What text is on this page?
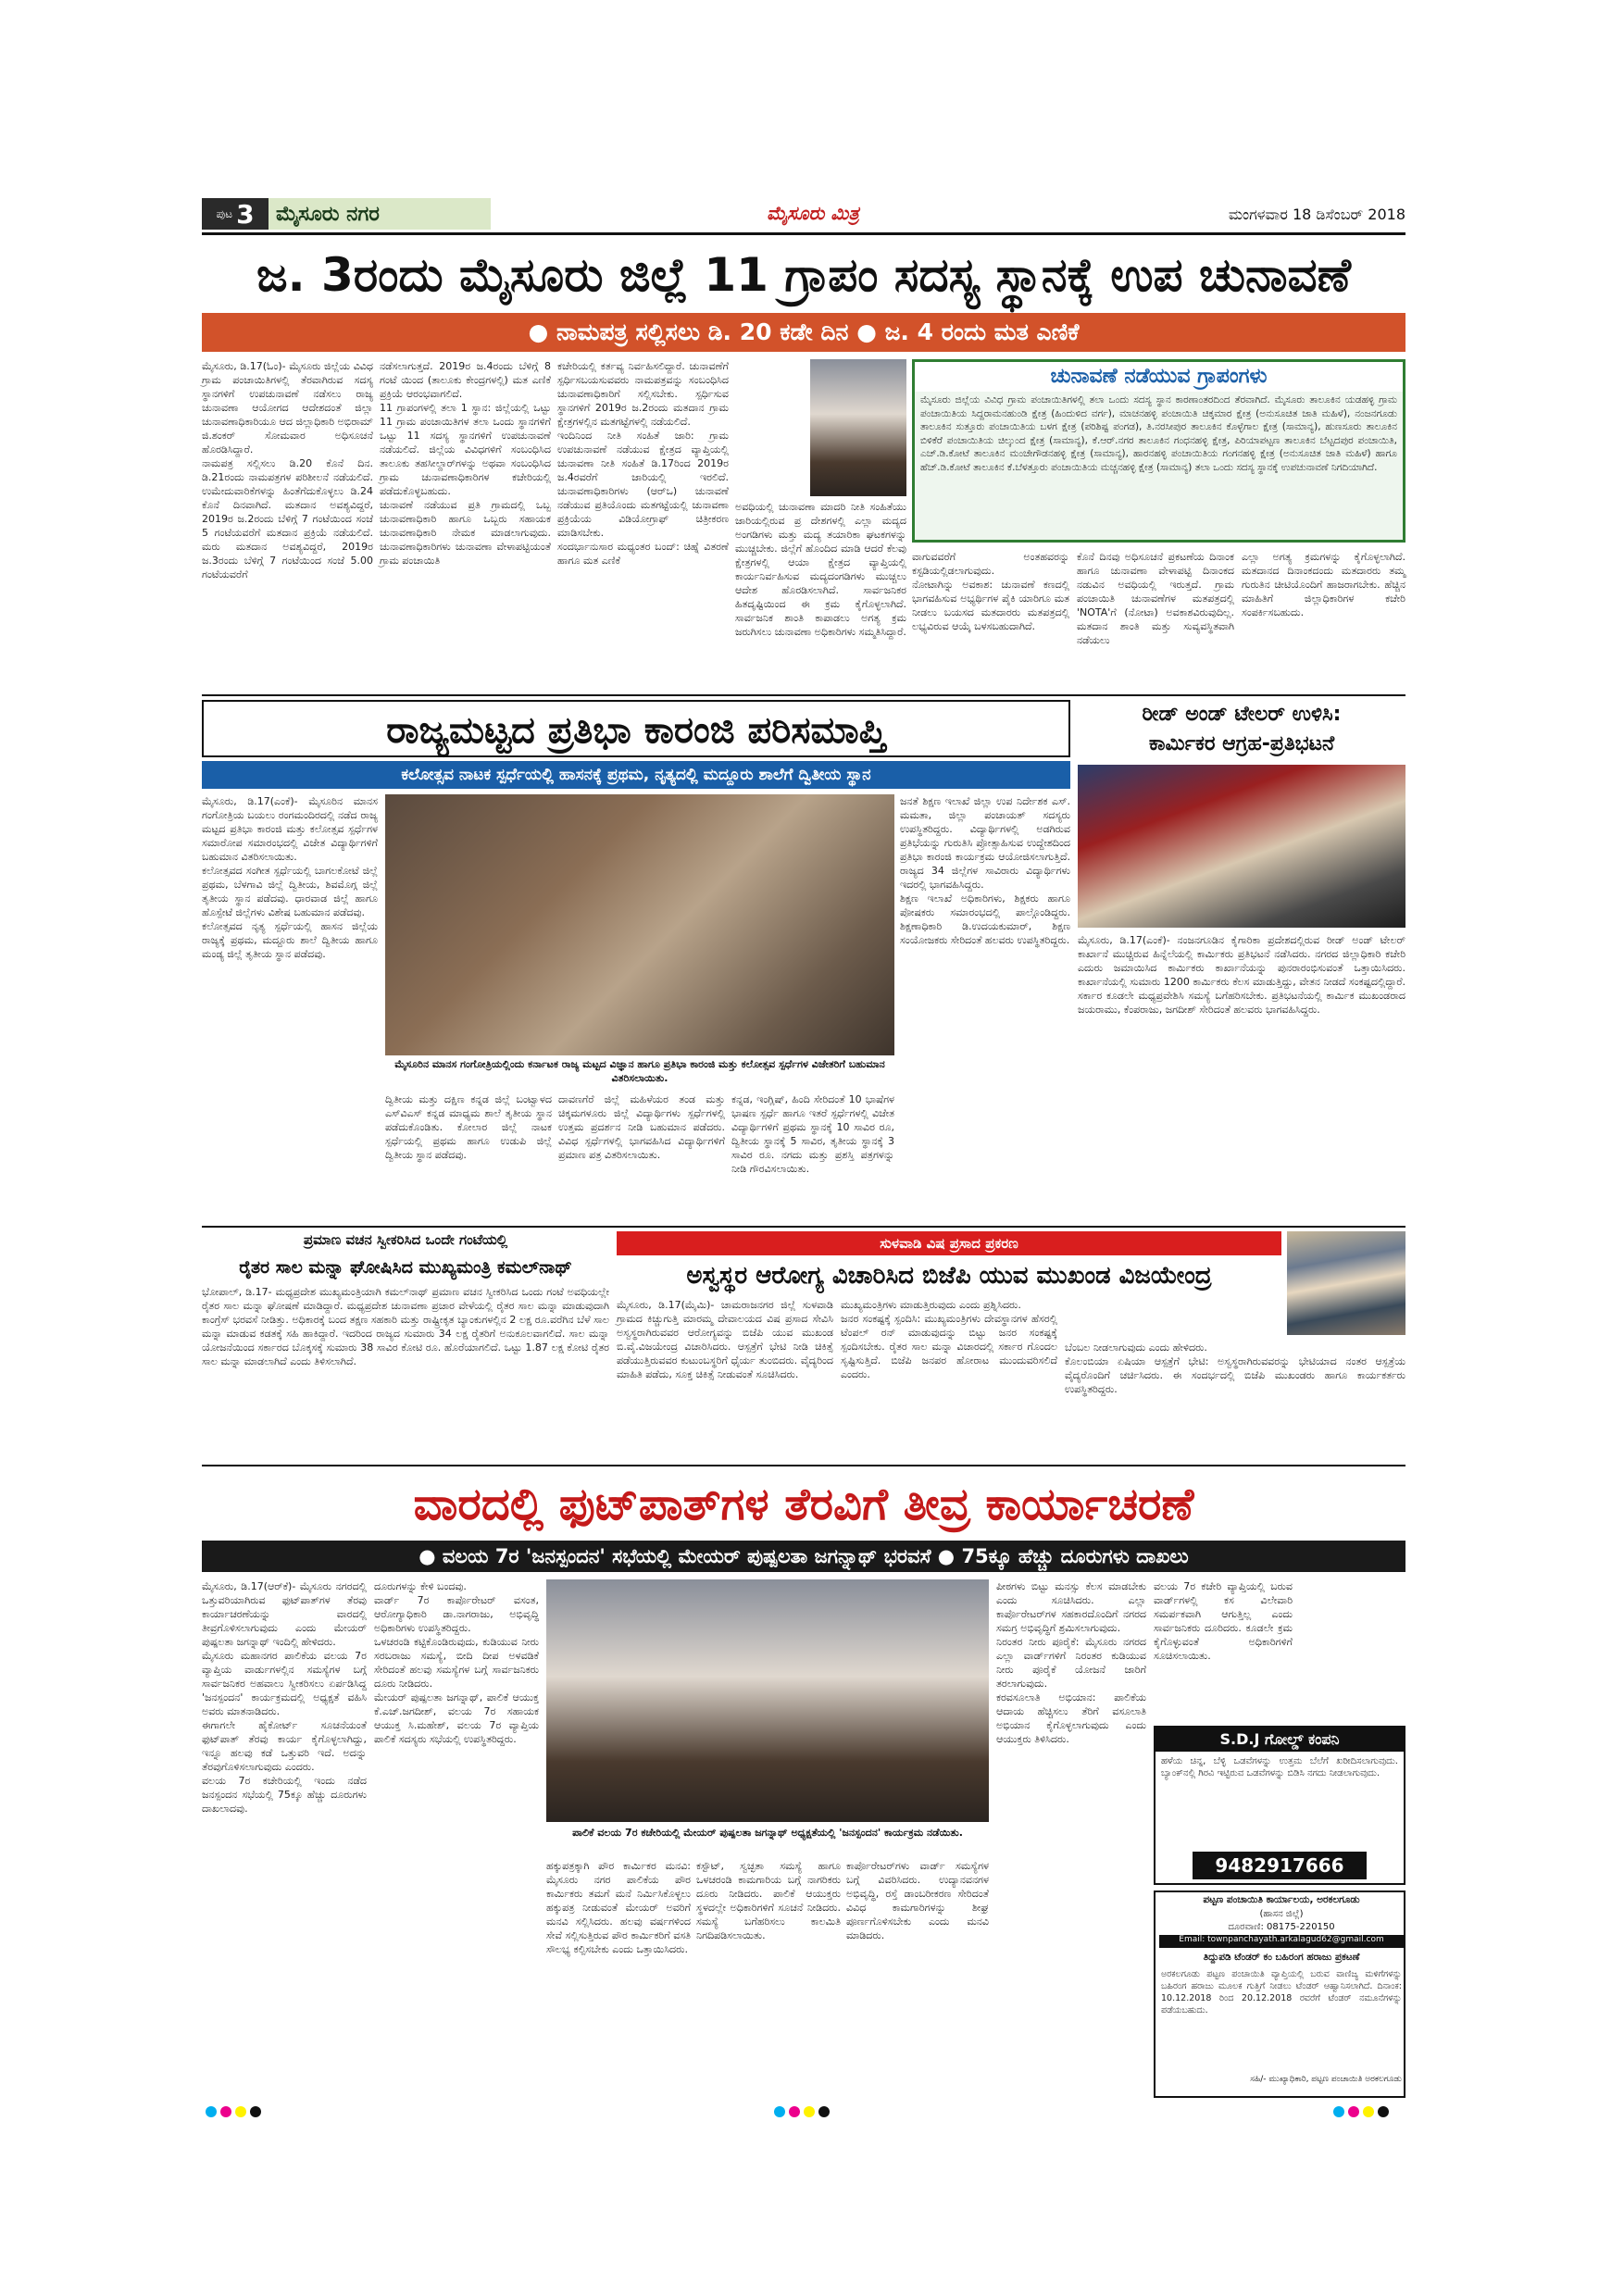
ಪುಟ 3 ಮೈಸೂರು ನಗರ	ಮೈಸೂರು ಮಿತ್ರ	ಮಂಗಳವಾರ 18 ಡಿಸೆಂಬರ್ 2018
ಜ. 3ರಂದು ಮೈಸೂರು ಜಿಲ್ಲೆ 11 ಗ್ರಾಪಂ ಸದಸ್ಯ ಸ್ಥಾನಕ್ಕೆ ಉಪ ಚುನಾವಣೆ
● ನಾಮಪತ್ರ ಸಲ್ಲಿಸಲು ಡಿ. 20 ಕಡೇ ದಿನ ● ಜ. 4 ರಂದು ಮತ ಎಣಿಕೆ
ಮೈಸೂರು, ಡಿ.17(ಓಂ)- ಮೈಸೂರು ಜಿಲ್ಲೆಯ ವಿವಿಧ ಗ್ರಾಮ ಪಂಚಾಯಿತಿಗಳಲ್ಲಿ ತೆರವಾಗಿರುವ ಸದಸ್ಯ ಸ್ಥಾನಗಳಿಗೆ ಉಪಚುನಾವಣೆ ನಡೆಸಲು ರಾಜ್ಯ ಚುನಾವಣಾ ಆಯೋಗದ ಆದೇಶದಂತೆ ಜಿಲ್ಲಾ ಚುನಾವಣಾಧಿಕಾರಿಯೂ ಆದ ಜಿಲ್ಲಾಧಿಕಾರಿ ಅಭಿರಾಮ್ ಜಿ.ಶಂಕರ್ ಸೋಮವಾರ ಅಧಿಸೂಚನೆ ಹೊರಡಿಸಿದ್ದಾರೆ.
ನಾಮಪತ್ರ ಸಲ್ಲಿಸಲು ಡಿ.20 ಕೊನೆ ದಿನ. ಡಿ.21ರಂದು ನಾಮಪತ್ರಗಳ ಪರಿಶೀಲನೆ ನಡೆಯಲಿದೆ. ಉಮೇದುವಾರಿಕೆಗಳನ್ನು ಹಿಂತೆಗೆದುಕೊಳ್ಳಲು ಡಿ.24 ಕೊನೆ ದಿನವಾಗಿದೆ. ಮತದಾನ ಅವಶ್ಯವಿದ್ದರೆ, 2019ರ ಜ.2ರಂದು ಬೆಳಿಗ್ಗೆ 7 ಗಂಟೆಯಿಂದ ಸಂಜೆ 5 ಗಂಟೆಯವರೆಗೆ ಮತದಾನ ಪ್ರಕ್ರಿಯೆ ನಡೆಯಲಿದೆ. ಮರು ಮತದಾನ ಅವಶ್ಯವಿದ್ದರೆ, 2019ರ ಜ.3ರಂದು ಬೆಳಿಗ್ಗೆ 7 ಗಂಟೆಯಿಂದ ಸಂಜೆ 5.00 ಗಂಟೆಯವರೆಗೆ
ನಡೆಸಲಾಗುತ್ತದೆ. 2019ರ ಜ.4ರಂದು ಬೆಳಿಗ್ಗೆ 8 ಗಂಟೆ ಯಿಂದ (ತಾಲೂಕು ಕೇಂದ್ರಗಳಲ್ಲಿ) ಮತ ಎಣಿಕೆ ಪ್ರಕ್ರಿಯೆ ಆರಂಭವಾಗಲಿದೆ.
11 ಗ್ರಾಪಂಗಳಲ್ಲಿ ತಲಾ 1 ಸ್ಥಾನ: ಜಿಲ್ಲೆಯಲ್ಲಿ ಒಟ್ಟು 11 ಗ್ರಾಮ ಪಂಚಾಯಿತಿಗಳ ತಲಾ ಒಂದು ಸ್ಥಾನಗಳಿಗೆ ಒಟ್ಟು 11 ಸದಸ್ಯ ಸ್ಥಾನಗಳಿಗೆ ಉಪಚುನಾವಣೆ ನಡೆಯಲಿದೆ. ಜಿಲ್ಲೆಯ ವಿವಿಧಗಳಿಗೆ ಸಂಬಂಧಿಸಿದ ತಾಲೂಕು ತಹಸೀಲ್ದಾರ್‌ಗಳನ್ನು ಅಥವಾ ಸಂಬಂಧಿಸಿದ ಗ್ರಾಮ ಚುನಾವಣಾಧಿಕಾರಿಗಳ ಕಚೇರಿಯಲ್ಲಿ ಪಡೆದುಕೊಳ್ಳಬಹುದು.
ಚುನಾವಣೆ ನಡೆಯುವ ಪ್ರತಿ ಗ್ರಾಮದಲ್ಲಿ ಒಬ್ಬ ಚುನಾವಣಾಧಿಕಾರಿ ಹಾಗೂ ಒಬ್ಬರು ಸಹಾಯಕ ಚುನಾವಣಾಧಿಕಾರಿ ನೇಮಕ ಮಾಡಲಾಗುವುದು. ಚುನಾವಣಾಧಿಕಾರಿಗಳು ಚುನಾವಣಾ ವೇಳಾಪಟ್ಟಿಯಂತೆ ಗ್ರಾಮ ಪಂಚಾಯಿತಿ
ಕಚೇರಿಯಲ್ಲಿ ಕರ್ತವ್ಯ ನಿರ್ವಹಿಸಲಿದ್ದಾರೆ. ಚುನಾವಣೆಗೆ ಸ್ಪರ್ಧಿಸಬಯಸುವವರು ನಾಮಪತ್ರವನ್ನು ಸಂಬಂಧಿಸಿದ ಚುನಾವಣಾಧಿಕಾರಿಗೆ ಸಲ್ಲಿಸಬೇಕು. ಸ್ಪರ್ಧಿಸುವ ಸ್ಥಾನಗಳಿಗೆ 2019ರ ಜ.2ರಂದು ಮತದಾನ ಗ್ರಾಮ ಕ್ಷೇತ್ರಗಳಲ್ಲಿನ ಮತಗಟ್ಟೆಗಳಲ್ಲಿ ನಡೆಯಲಿದೆ.
ಇಂದಿನಿಂದ ನೀತಿ ಸಂಹಿತೆ ಜಾರಿ: ಗ್ರಾಮ ಉಪಚುನಾವಣೆ ನಡೆಯುವ ಕ್ಷೇತ್ರದ ವ್ಯಾಪ್ತಿಯಲ್ಲಿ ಚುನಾವಣಾ ನೀತಿ ಸಂಹಿತೆ ಡಿ.17ರಿಂದ 2019ರ ಜ.4ರವರೆಗೆ ಜಾರಿಯಲ್ಲಿ ಇರಲಿದೆ. ಚುನಾವಣಾಧಿಕಾರಿಗಳು (ಆರ್‌ಒ) ಚುನಾವಣೆ ನಡೆಯುವ ಪ್ರತಿಯೊಂದು ಮತಗಟ್ಟೆಯಲ್ಲಿ ಚುನಾವಣಾ ಪ್ರಕ್ರಿಯೆಯ ವಿಡಿಯೋಗ್ರಾಫ್ ಚಿತ್ರೀಕರಣ ಮಾಡಿಸಬೇಕು.
ಸಂದರ್ಭಾನುಸಾರ ಮಧ್ಯಂತರ ಬಂದ್: ಚಿಹ್ನೆ ವಿತರಣೆ ಹಾಗೂ ಮತ ಎಣಿಕೆ
ಅವಧಿಯಲ್ಲಿ ಚುನಾವಣಾ ಮಾದರಿ ನೀತಿ ಸಂಹಿತೆಯು ಜಾರಿಯಲ್ಲಿರುವ ಪ್ರ ದೇಶಗಳಲ್ಲಿ ಎಲ್ಲಾ ಮದ್ಯದ ಅಂಗಡಿಗಳು ಮತ್ತು ಮದ್ಯ ತಯಾರಿಕಾ ಘಟಕಗಳನ್ನು ಮುಚ್ಚಬೇಕು. ಜಿಲ್ಲೆಗೆ ಹೊಂದಿದ ಮಾಡಿ ಆದರೆ ಕೆಲವು ಕ್ಷೇತ್ರಗಳಲ್ಲಿ ಆಯಾ ಕ್ಷೇತ್ರದ ವ್ಯಾಪ್ತಿಯಲ್ಲಿ ಕಾರ್ಯನಿರ್ವಹಿಸುವ ಮದ್ಯದಂಗಡಿಗಳು ಮುಚ್ಚಲು ಆದೇಶ ಹೊರಡಿಸಲಾಗಿದೆ. ಸಾರ್ವಜನಿಕರ ಹಿತದೃಷ್ಟಿಯಿಂದ ಈ ಕ್ರಮ ಕೈಗೊಳ್ಳಲಾಗಿದೆ. ಸಾರ್ವಜನಿಕ ಶಾಂತಿ ಕಾಪಾಡಲು ಅಗತ್ಯ ಕ್ರಮ ಜರುಗಿಸಲು ಚುನಾವಣಾ ಅಧಿಕಾರಿಗಳು ಸಮ್ಮತಿಸಿದ್ದಾರೆ.
ಚುನಾವಣೆ ನಡೆಯುವ ಗ್ರಾಪಂಗಳು
ಮೈಸೂರು ಜಿಲ್ಲೆಯ ವಿವಿಧ ಗ್ರಾಮ ಪಂಚಾಯಿತಿಗಳಲ್ಲಿ ತಲಾ ಒಂದು ಸದಸ್ಯ ಸ್ಥಾನ ಕಾರಣಾಂತರದಿಂದ ತೆರವಾಗಿದೆ. ಮೈಸೂರು ತಾಲೂಕಿನ ಯಡಹಳ್ಳಿ ಗ್ರಾಮ ಪಂಚಾಯಿತಿಯ ಸಿದ್ದರಾಮನಹುಂಡಿ ಕ್ಷೇತ್ರ (ಹಿಂದುಳಿದ ವರ್ಗ), ಮಾಚನಹಳ್ಳಿ ಪಂಚಾಯಿತಿ ಚಿಕ್ಕಮಾರ ಕ್ಷೇತ್ರ (ಅನುಸೂಚಿತ ಜಾತಿ ಮಹಿಳೆ), ನಂಜನಗೂಡು ತಾಲೂಕಿನ ಸುತ್ತೂರು ಪಂಚಾಯಿತಿಯ ಬಳಗ ಕ್ಷೇತ್ರ (ಪರಿಶಿಷ್ಟ ಪಂಗಡ), ತಿ.ನರಸೀಪುರ ತಾಲೂಕಿನ ಕೊಳ್ಳೆಗಾಲ ಕ್ಷೇತ್ರ (ಸಾಮಾನ್ಯ), ಹುಣಸೂರು ತಾಲೂಕಿನ ಬಿಳಿಕೆರೆ ಪಂಚಾಯಿತಿಯ ಚಿಲ್ಕುಂದ ಕ್ಷೇತ್ರ (ಸಾಮಾನ್ಯ), ಕೆ.ಆರ್.ನಗರ ತಾಲೂಕಿನ ಗಂಧನಹಳ್ಳಿ ಕ್ಷೇತ್ರ, ಪಿರಿಯಾಪಟ್ಟಣ ತಾಲೂಕಿನ ಬೆಟ್ಟದಪುರ ಪಂಚಾಯಿತಿ, ಎಚ್.ಡಿ.ಕೋಟೆ ತಾಲೂಕಿನ ಮಂಚೇಗೌಡನಹಳ್ಳಿ ಕ್ಷೇತ್ರ (ಸಾಮಾನ್ಯ), ಹಾರನಹಳ್ಳಿ ಪಂಚಾಯಿತಿಯ ಗಂಗನಹಳ್ಳಿ ಕ್ಷೇತ್ರ (ಅನುಸೂಚಿತ ಜಾತಿ ಮಹಿಳೆ) ಹಾಗೂ ಹೆಚ್.ಡಿ.ಕೋಟೆ ತಾಲೂಕಿನ ಕೆ.ಬೆಳತ್ತೂರು ಪಂಚಾಯಿತಿಯ ಮಚ್ಚನಹಳ್ಳಿ ಕ್ಷೇತ್ರ (ಸಾಮಾನ್ಯ) ತಲಾ ಒಂದು ಸದಸ್ಯ ಸ್ಥಾನಕ್ಕೆ ಉಪಚುನಾವಣೆ ನಿಗದಿಯಾಗಿದೆ.
ವಾಗುವವರೆಗೆ ಅಂತಹವರನ್ನು ಕಸ್ಟಡಿಯಲ್ಲಿಡಲಾಗುವುದು.
ನೋಟಾಗಿನ್ನು ಅವಕಾಶ: ಚುನಾವಣೆ ಕಣದಲ್ಲಿ ಭಾಗವಹಿಸುವ ಅಭ್ಯರ್ಥಿಗಳ ಪೈಕಿ ಯಾರಿಗೂ ಮತ ನೀಡಲು ಬಯಸದ ಮತದಾರರು ಮತಪತ್ರದಲ್ಲಿ ಲಭ್ಯವಿರುವ ಆಯ್ಕೆ ಬಳಸಬಹುದಾಗಿದೆ.
ಕೊನೆ ದಿನವು ಅಧಿಸೂಚನೆ ಪ್ರಕಟಣೆಯ ದಿನಾಂಕ ಹಾಗೂ ಚುನಾವಣಾ ವೇಳಾಪಟ್ಟಿ ದಿನಾಂಕದ ನಡುವಿನ ಅವಧಿಯಲ್ಲಿ ಇರುತ್ತದೆ. ಗ್ರಾಮ ಪಂಚಾಯಿತಿ ಚುನಾವಣೆಗಳ ಮತಪತ್ರದಲ್ಲಿ 'NOTA'ಗೆ (ನೋಟಾ) ಅವಕಾಶವಿರುವುದಿಲ್ಲ. ಮತದಾನ ಶಾಂತಿ ಮತ್ತು ಸುವ್ಯವಸ್ಥಿತವಾಗಿ ನಡೆಯಲು
ಎಲ್ಲಾ ಅಗತ್ಯ ಕ್ರಮಗಳನ್ನು ಕೈಗೊಳ್ಳಲಾಗಿದೆ. ಮತದಾನದ ದಿನಾಂಕದಂದು ಮತದಾರರು ತಮ್ಮ ಗುರುತಿನ ಚೀಟಿಯೊಂದಿಗೆ ಹಾಜರಾಗಬೇಕು. ಹೆಚ್ಚಿನ ಮಾಹಿತಿಗೆ ಜಿಲ್ಲಾಧಿಕಾರಿಗಳ ಕಚೇರಿ ಸಂಪರ್ಕಿಸಬಹುದು.
ರಾಜ್ಯಮಟ್ಟದ ಪ್ರತಿಭಾ ಕಾರಂಜಿ ಪರಿಸಮಾಪ್ತಿ
ಕಲೋತ್ಸವ ನಾಟಕ ಸ್ಪರ್ಧೆಯಲ್ಲಿ ಹಾಸನಕ್ಕೆ ಪ್ರಥಮ, ನೃತ್ಯದಲ್ಲಿ ಮದ್ದೂರು ಶಾಲೆಗೆ ದ್ವಿತೀಯ ಸ್ಥಾನ
ಮೈಸೂರು, ಡಿ.17(ಎಂಕೆ)- ಮೈಸೂರಿನ ಮಾನಸ ಗಂಗೋತ್ರಿಯ ಬಯಲು ರಂಗಮಂದಿರದಲ್ಲಿ ನಡೆದ ರಾಜ್ಯ ಮಟ್ಟದ ಪ್ರತಿಭಾ ಕಾರಂಜಿ ಮತ್ತು ಕಲೋತ್ಸವ ಸ್ಪರ್ಧೆಗಳ ಸಮಾರೋಪ ಸಮಾರಂಭದಲ್ಲಿ ವಿಜೇತ ವಿದ್ಯಾರ್ಥಿಗಳಿಗೆ ಬಹುಮಾನ ವಿತರಿಸಲಾಯಿತು.
ಕಲೋತ್ಸವದ ಸಂಗೀತ ಸ್ಪರ್ಧೆಯಲ್ಲಿ ಬಾಗಲಕೋಟೆ ಜಿಲ್ಲೆ ಪ್ರಥಮ, ಬೆಳಗಾವಿ ಜಿಲ್ಲೆ ದ್ವಿತೀಯ, ಶಿವಮೊಗ್ಗ ಜಿಲ್ಲೆ ತೃತೀಯ ಸ್ಥಾನ ಪಡೆದವು. ಧಾರವಾಡ ಜಿಲ್ಲೆ ಹಾಗೂ ಹೊಸ್ಪೇಟೆ ಜಿಲ್ಲೆಗಳು ವಿಶೇಷ ಬಹುಮಾನ ಪಡೆದವು.
ಕಲೋತ್ಸವದ ನೃತ್ಯ ಸ್ಪರ್ಧೆಯಲ್ಲಿ ಹಾಸನ ಜಿಲ್ಲೆಯ ರಾಜ್ಯಕ್ಕೆ ಪ್ರಥಮ, ಮದ್ದೂರು ಶಾಲೆ ದ್ವಿತೀಯ ಹಾಗೂ ಮಂಡ್ಯ ಜಿಲ್ಲೆ ತೃತೀಯ ಸ್ಥಾನ ಪಡೆದವು.
ಮೈಸೂರಿನ ಮಾನಸ ಗಂಗೋತ್ರಿಯಲ್ಲಿಂದು ಕರ್ನಾಟಕ ರಾಜ್ಯ ಮಟ್ಟದ ವಿಜ್ಞಾನ ಹಾಗೂ ಪ್ರತಿಭಾ ಕಾರಂಜಿ ಮತ್ತು ಕಲೋತ್ಸವ ಸ್ಪರ್ಧೆಗಳ ವಿಜೇತರಿಗೆ ಬಹುಮಾನ ವಿತರಿಸಲಾಯಿತು.
ದ್ವಿತೀಯ ಮತ್ತು ದಕ್ಷಿಣ ಕನ್ನಡ ಜಿಲ್ಲೆ ಬಂಟ್ವಾಳದ ಎಸ್‌ವಿಎಸ್ ಕನ್ನಡ ಮಾಧ್ಯಮ ಶಾಲೆ ತೃತೀಯ ಸ್ಥಾನ ಪಡೆದುಕೊಂಡಿತು. ಕೋಲಾರ ಜಿಲ್ಲೆ ನಾಟಕ ಸ್ಪರ್ಧೆಯಲ್ಲಿ ಪ್ರಥಮ ಹಾಗೂ ಉಡುಪಿ ಜಿಲ್ಲೆ ದ್ವಿತೀಯ ಸ್ಥಾನ ಪಡೆದವು.
ದಾವಣಗೆರೆ ಜಿಲ್ಲೆ ಮಹಿಳೆಯರ ತಂಡ ಮತ್ತು ಚಿಕ್ಕಮಗಳೂರು ಜಿಲ್ಲೆ ವಿದ್ಯಾರ್ಥಿಗಳು ಸ್ಪರ್ಧೆಗಳಲ್ಲಿ ಉತ್ತಮ ಪ್ರದರ್ಶನ ನೀಡಿ ಬಹುಮಾನ ಪಡೆದರು. ವಿವಿಧ ಸ್ಪರ್ಧೆಗಳಲ್ಲಿ ಭಾಗವಹಿಸಿದ ವಿದ್ಯಾರ್ಥಿಗಳಿಗೆ ಪ್ರಮಾಣ ಪತ್ರ ವಿತರಿಸಲಾಯಿತು.
ಕನ್ನಡ, ಇಂಗ್ಲಿಷ್, ಹಿಂದಿ ಸೇರಿದಂತೆ 10 ಭಾಷೆಗಳ ಭಾಷಣ ಸ್ಪರ್ಧೆ ಹಾಗೂ ಇತರೆ ಸ್ಪರ್ಧೆಗಳಲ್ಲಿ ವಿಜೇತ ವಿದ್ಯಾರ್ಥಿಗಳಿಗೆ ಪ್ರಥಮ ಸ್ಥಾನಕ್ಕೆ 10 ಸಾವಿರ ರೂ, ದ್ವಿತೀಯ ಸ್ಥಾನಕ್ಕೆ 5 ಸಾವಿರ, ತೃತೀಯ ಸ್ಥಾನಕ್ಕೆ 3 ಸಾವಿರ ರೂ. ನಗದು ಮತ್ತು ಪ್ರಶಸ್ತಿ ಪತ್ರಗಳನ್ನು ನೀಡಿ ಗೌರವಿಸಲಾಯಿತು.
ಜನತೆ ಶಿಕ್ಷಣ ಇಲಾಖೆ ಜಿಲ್ಲಾ ಉಪ ನಿರ್ದೇಶಕ ಎಸ್. ಮಮತಾ, ಜಿಲ್ಲಾ ಪಂಚಾಯತ್ ಸದಸ್ಯರು ಉಪಸ್ಥಿತರಿದ್ದರು. ವಿದ್ಯಾರ್ಥಿಗಳಲ್ಲಿ ಅಡಗಿರುವ ಪ್ರತಿಭೆಯನ್ನು ಗುರುತಿಸಿ ಪ್ರೋತ್ಸಾಹಿಸುವ ಉದ್ದೇಶದಿಂದ ಪ್ರತಿಭಾ ಕಾರಂಜಿ ಕಾರ್ಯಕ್ರಮ ಆಯೋಜಿಸಲಾಗುತ್ತಿದೆ. ರಾಜ್ಯದ 34 ಜಿಲ್ಲೆಗಳ ಸಾವಿರಾರು ವಿದ್ಯಾರ್ಥಿಗಳು ಇದರಲ್ಲಿ ಭಾಗವಹಿಸಿದ್ದರು.
ಶಿಕ್ಷಣ ಇಲಾಖೆ ಅಧಿಕಾರಿಗಳು, ಶಿಕ್ಷಕರು ಹಾಗೂ ಪೋಷಕರು ಸಮಾರಂಭದಲ್ಲಿ ಪಾಲ್ಗೊಂಡಿದ್ದರು. ಶಿಕ್ಷಣಾಧಿಕಾರಿ ಡಿ.ಉದಯಕುಮಾರ್, ಶಿಕ್ಷಣ ಸಂಯೋಜಕರು ಸೇರಿದಂತೆ ಹಲವರು ಉಪಸ್ಥಿತರಿದ್ದರು.
ರೀಡ್ ಅಂಡ್ ಟೇಲರ್ ಉಳಿಸಿ:
ಕಾರ್ಮಿಕರ ಆಗ್ರಹ-ಪ್ರತಿಭಟನೆ
ಮೈಸೂರು, ಡಿ.17(ಎಂಕೆ)- ನಂಜನಗೂಡಿನ ಕೈಗಾರಿಕಾ ಪ್ರದೇಶದಲ್ಲಿರುವ ರೀಡ್ ಅಂಡ್ ಟೇಲರ್ ಕಾರ್ಖಾನೆ ಮುಚ್ಚಿರುವ ಹಿನ್ನೆಲೆಯಲ್ಲಿ ಕಾರ್ಮಿಕರು ಪ್ರತಿಭಟನೆ ನಡೆಸಿದರು. ನಗರದ ಜಿಲ್ಲಾಧಿಕಾರಿ ಕಚೇರಿ ಎದುರು ಜಮಾಯಿಸಿದ ಕಾರ್ಮಿಕರು ಕಾರ್ಖಾನೆಯನ್ನು ಪುನರಾರಂಭಿಸುವಂತೆ ಒತ್ತಾಯಿಸಿದರು. ಕಾರ್ಖಾನೆಯಲ್ಲಿ ಸುಮಾರು 1200 ಕಾರ್ಮಿಕರು ಕೆಲಸ ಮಾಡುತ್ತಿದ್ದು, ವೇತನ ನೀಡದೆ ಸಂಕಷ್ಟದಲ್ಲಿದ್ದಾರೆ. ಸರ್ಕಾರ ಕೂಡಲೇ ಮಧ್ಯಪ್ರವೇಶಿಸಿ ಸಮಸ್ಯೆ ಬಗೆಹರಿಸಬೇಕು. ಪ್ರತಿಭಟನೆಯಲ್ಲಿ ಕಾರ್ಮಿಕ ಮುಖಂಡರಾದ ಜಯರಾಮು, ಕೆಂಪರಾಜು, ಜಗದೀಶ್ ಸೇರಿದಂತೆ ಹಲವರು ಭಾಗವಹಿಸಿದ್ದರು.
ಪ್ರಮಾಣ ವಚನ ಸ್ವೀಕರಿಸಿದ ಒಂದೇ ಗಂಟೆಯಲ್ಲಿ
ರೈತರ ಸಾಲ ಮನ್ನಾ ಘೋಷಿಸಿದ ಮುಖ್ಯಮಂತ್ರಿ ಕಮಲ್‌ನಾಥ್
ಭೋಪಾಲ್, ಡಿ.17- ಮಧ್ಯಪ್ರದೇಶ ಮುಖ್ಯಮಂತ್ರಿಯಾಗಿ ಕಮಲ್‌ನಾಥ್ ಪ್ರಮಾಣ ವಚನ ಸ್ವೀಕರಿಸಿದ ಒಂದು ಗಂಟೆ ಅವಧಿಯಲ್ಲೇ ರೈತರ ಸಾಲ ಮನ್ನಾ ಘೋಷಣೆ ಮಾಡಿದ್ದಾರೆ. ಮಧ್ಯಪ್ರದೇಶ ಚುನಾವಣಾ ಪ್ರಚಾರ ವೇಳೆಯಲ್ಲಿ ರೈತರ ಸಾಲ ಮನ್ನಾ ಮಾಡುವುದಾಗಿ ಕಾಂಗ್ರೆಸ್ ಭರವಸೆ ನೀಡಿತ್ತು. ಅಧಿಕಾರಕ್ಕೆ ಬಂದ ತಕ್ಷಣ ಸಹಕಾರಿ ಮತ್ತು ರಾಷ್ಟ್ರೀಕೃತ ಬ್ಯಾಂಕುಗಳಲ್ಲಿನ 2 ಲಕ್ಷ ರೂ.ವರೆಗಿನ ಬೆಳೆ ಸಾಲ ಮನ್ನಾ ಮಾಡುವ ಕಡತಕ್ಕೆ ಸಹಿ ಹಾಕಿದ್ದಾರೆ. ಇದರಿಂದ ರಾಜ್ಯದ ಸುಮಾರು 34 ಲಕ್ಷ ರೈತರಿಗೆ ಅನುಕೂಲವಾಗಲಿದೆ. ಸಾಲ ಮನ್ನಾ ಯೋಜನೆಯಿಂದ ಸರ್ಕಾರದ ಬೊಕ್ಕಸಕ್ಕೆ ಸುಮಾರು 38 ಸಾವಿರ ಕೋಟಿ ರೂ. ಹೊರೆಯಾಗಲಿದೆ. ಒಟ್ಟು 1.87 ಲಕ್ಷ ಕೋಟಿ ರೈತರ ಸಾಲ ಮನ್ನಾ ಮಾಡಲಾಗಿದೆ ಎಂದು ತಿಳಿಸಲಾಗಿದೆ.
ಸುಳವಾಡಿ ವಿಷ ಪ್ರಸಾದ ಪ್ರಕರಣ
ಅಸ್ವಸ್ಥರ ಆರೋಗ್ಯ ವಿಚಾರಿಸಿದ ಬಿಜೆಪಿ ಯುವ ಮುಖಂಡ ವಿಜಯೇಂದ್ರ
ಮೈಸೂರು, ಡಿ.17(ಮೈಮಿ)- ಚಾಮರಾಜನಗರ ಜಿಲ್ಲೆ ಸುಳವಾಡಿ ಗ್ರಾಮದ ಕಿಚ್ಚುಗುತ್ತಿ ಮಾರಮ್ಮ ದೇವಾಲಯದ ವಿಷ ಪ್ರಸಾದ ಸೇವಿಸಿ ಅಸ್ವಸ್ಥರಾಗಿರುವವರ ಆರೋಗ್ಯವನ್ನು ಬಿಜೆಪಿ ಯುವ ಮುಖಂಡ ಬಿ.ವೈ.ವಿಜಯೇಂದ್ರ ವಿಚಾರಿಸಿದರು. ಆಸ್ಪತ್ರೆಗೆ ಭೇಟಿ ನೀಡಿ ಚಿಕಿತ್ಸೆ ಪಡೆಯುತ್ತಿರುವವರ ಕುಟುಂಬಸ್ಥರಿಗೆ ಧೈರ್ಯ ತುಂಬಿದರು. ವೈದ್ಯರಿಂದ ಮಾಹಿತಿ ಪಡೆದು, ಸೂಕ್ತ ಚಿಕಿತ್ಸೆ ನೀಡುವಂತೆ ಸೂಚಿಸಿದರು.
ಮುಖ್ಯಮಂತ್ರಿಗಳು ಮಾಡುತ್ತಿರುವುದು ಎಂದು ಪ್ರಶ್ನಿಸಿದರು.
ಜನರ ಸಂಕಷ್ಟಕ್ಕೆ ಸ್ಪಂದಿಸಿ: ಮುಖ್ಯಮಂತ್ರಿಗಳು ದೇವಸ್ಥಾನಗಳ ಹೆಸರಲ್ಲಿ ಟೆಂಪಲ್ ರನ್ ಮಾಡುವುದನ್ನು ಬಿಟ್ಟು ಜನರ ಸಂಕಷ್ಟಕ್ಕೆ ಸ್ಪಂದಿಸಬೇಕು. ರೈತರ ಸಾಲ ಮನ್ನಾ ವಿಚಾರದಲ್ಲಿ ಸರ್ಕಾರ ಗೊಂದಲ ಸೃಷ್ಟಿಸುತ್ತಿದೆ. ಬಿಜೆಪಿ ಜನಪರ ಹೋರಾಟ ಮುಂದುವರಿಸಲಿದೆ ಎಂದರು.
ಬೆಂಬಲ ನೀಡಲಾಗುವುದು ಎಂದು ಹೇಳಿದರು.
ಕೊಲಂಬಿಯಾ ಏಷಿಯಾ ಆಸ್ಪತ್ರೆಗೆ ಭೇಟಿ: ಅಸ್ವಸ್ಥರಾಗಿರುವವರನ್ನು ಭೇಟಿಯಾದ ನಂತರ ಆಸ್ಪತ್ರೆಯ ವೈದ್ಯರೊಂದಿಗೆ ಚರ್ಚಿಸಿದರು. ಈ ಸಂದರ್ಭದಲ್ಲಿ ಬಿಜೆಪಿ ಮುಖಂಡರು ಹಾಗೂ ಕಾರ್ಯಕರ್ತರು ಉಪಸ್ಥಿತರಿದ್ದರು.
ವಾರದಲ್ಲಿ ಫುಟ್‌ಪಾತ್‌ಗಳ ತೆರವಿಗೆ ತೀವ್ರ ಕಾರ್ಯಾಚರಣೆ
● ವಲಯ 7ರ 'ಜನಸ್ಪಂದನ' ಸಭೆಯಲ್ಲಿ ಮೇಯರ್ ಪುಷ್ಪಲತಾ ಜಗನ್ನಾಥ್ ಭರವಸೆ ● 75ಕ್ಕೂ ಹೆಚ್ಚು ದೂರುಗಳು ದಾಖಲು
ಮೈಸೂರು, ಡಿ.17(ಆರ್‌ಕೆ)- ಮೈಸೂರು ನಗರದಲ್ಲಿ ಒತ್ತುವರಿಯಾಗಿರುವ ಫುಟ್‌ಪಾತ್‌ಗಳ ತೆರವು ಕಾರ್ಯಾಚರಣೆಯನ್ನು ವಾರದಲ್ಲಿ ತೀವ್ರಗೊಳಿಸಲಾಗುವುದು ಎಂದು ಮೇಯರ್ ಪುಷ್ಪಲತಾ ಜಗನ್ನಾಥ್ ಇಂದಿಲ್ಲಿ ಹೇಳಿದರು.
ಮೈಸೂರು ಮಹಾನಗರ ಪಾಲಿಕೆಯ ವಲಯ 7ರ ವ್ಯಾಪ್ತಿಯ ವಾರ್ಡುಗಳಲ್ಲಿನ ಸಮಸ್ಯೆಗಳ ಬಗ್ಗೆ ಸಾರ್ವಜನಿಕರ ಅಹವಾಲು ಸ್ವೀಕರಿಸಲು ಏರ್ಪಡಿಸಿದ್ದ 'ಜನಸ್ಪಂದನ' ಕಾರ್ಯಕ್ರಮದಲ್ಲಿ ಅಧ್ಯಕ್ಷತೆ ವಹಿಸಿ ಅವರು ಮಾತನಾಡಿದರು.
ಈಗಾಗಲೇ ಹೈಕೋರ್ಟ್ ಸೂಚನೆಯಂತೆ ಫುಟ್‌ಪಾತ್ ತೆರವು ಕಾರ್ಯ ಕೈಗೊಳ್ಳಲಾಗಿದ್ದು, ಇನ್ನೂ ಹಲವು ಕಡೆ ಒತ್ತುವರಿ ಇದೆ. ಅದನ್ನು ತೆರವುಗೊಳಿಸಲಾಗುವುದು ಎಂದರು.
ವಲಯ 7ರ ಕಚೇರಿಯಲ್ಲಿ ಇಂದು ನಡೆದ ಜನಸ್ಪಂದನ ಸಭೆಯಲ್ಲಿ 75ಕ್ಕೂ ಹೆಚ್ಚು ದೂರುಗಳು ದಾಖಲಾದವು.
ದೂರುಗಳನ್ನು ಕೇಳಿ ಬಂದವು.
ವಾರ್ಡ್ 7ರ ಕಾರ್ಪೊರೇಟರ್ ವಸಂತ, ಆರೋಗ್ಯಾಧಿಕಾರಿ ಡಾ.ನಾಗರಾಜು, ಅಭಿವೃದ್ಧಿ ಅಧಿಕಾರಿಗಳು ಉಪಸ್ಥಿತರಿದ್ದರು.
ಒಳಚರಂಡಿ ಕಟ್ಟಿಕೊಂಡಿರುವುದು, ಕುಡಿಯುವ ನೀರು ಸರಬರಾಜು ಸಮಸ್ಯೆ, ಬೀದಿ ದೀಪ ಅಳವಡಿಕೆ ಸೇರಿದಂತೆ ಹಲವು ಸಮಸ್ಯೆಗಳ ಬಗ್ಗೆ ಸಾರ್ವಜನಿಕರು ದೂರು ನೀಡಿದರು.
ಮೇಯರ್ ಪುಷ್ಪಲತಾ ಜಗನ್ನಾಥ್, ಪಾಲಿಕೆ ಆಯುಕ್ತ ಕೆ.ಎಚ್.ಜಗದೀಶ್, ವಲಯ 7ರ ಸಹಾಯಕ ಆಯುಕ್ತ ಸಿ.ಮಹೇಶ್, ವಲಯ 7ರ ವ್ಯಾಪ್ತಿಯ ಪಾಲಿಕೆ ಸದಸ್ಯರು ಸಭೆಯಲ್ಲಿ ಉಪಸ್ಥಿತರಿದ್ದರು.
ಪಾಲಿಕೆ ವಲಯ 7ರ ಕಚೇರಿಯಲ್ಲಿ ಮೇಯರ್ ಪುಷ್ಪಲತಾ ಜಗನ್ನಾಥ್ ಅಧ್ಯಕ್ಷತೆಯಲ್ಲಿ 'ಜನಸ್ಪಂದನ' ಕಾರ್ಯಕ್ರಮ ನಡೆಯಿತು.
ಹಕ್ಕುಪತ್ರಕ್ಕಾಗಿ ಪೌರ ಕಾರ್ಮಿಕರ ಮನವಿ: ಮೈಸೂರು ನಗರ ಪಾಲಿಕೆಯ ಪೌರ ಕಾರ್ಮಿಕರು ತಮಗೆ ಮನೆ ನಿರ್ಮಿಸಿಕೊಳ್ಳಲು ಹಕ್ಕುಪತ್ರ ನೀಡುವಂತೆ ಮೇಯರ್ ಅವರಿಗೆ ಮನವಿ ಸಲ್ಲಿಸಿದರು. ಹಲವು ವರ್ಷಗಳಿಂದ ಸೇವೆ ಸಲ್ಲಿಸುತ್ತಿರುವ ಪೌರ ಕಾರ್ಮಿಕರಿಗೆ ವಸತಿ ಸೌಲಭ್ಯ ಕಲ್ಪಿಸಬೇಕು ಎಂದು ಒತ್ತಾಯಿಸಿದರು.
ಕಸ್ಟೌಟ್, ಸ್ವಚ್ಛತಾ ಸಮಸ್ಯೆ ಹಾಗೂ ಒಳಚರಂಡಿ ಕಾಮಗಾರಿಯ ಬಗ್ಗೆ ನಾಗರಿಕರು ದೂರು ನೀಡಿದರು. ಪಾಲಿಕೆ ಆಯುಕ್ತರು ಸ್ಥಳದಲ್ಲೇ ಅಧಿಕಾರಿಗಳಿಗೆ ಸೂಚನೆ ನೀಡಿದರು. ಸಮಸ್ಯೆ ಬಗೆಹರಿಸಲು ಕಾಲಮಿತಿ ನಿಗದಿಪಡಿಸಲಾಯಿತು.
ಕಾರ್ಪೊರೇಟರ್‌ಗಳು ವಾರ್ಡ್ ಸಮಸ್ಯೆಗಳ ಬಗ್ಗೆ ವಿವರಿಸಿದರು. ಉದ್ಯಾನವನಗಳ ಅಭಿವೃದ್ಧಿ, ರಸ್ತೆ ಡಾಂಬರೀಕರಣ ಸೇರಿದಂತೆ ವಿವಿಧ ಕಾಮಗಾರಿಗಳನ್ನು ಶೀಘ್ರ ಪೂರ್ಣಗೊಳಿಸಬೇಕು ಎಂದು ಮನವಿ ಮಾಡಿದರು.
ಪೀಠಗಳು ಬಿಟ್ಟು ಮನಸ್ಸು ಕೆಲಸ ಮಾಡಬೇಕು ಎಂದು ಸೂಚಿಸಿದರು. ಎಲ್ಲಾ ಕಾರ್ಪೊರೇಟರ್‌ಗಳ ಸಹಕಾರದೊಂದಿಗೆ ನಗರದ ಸಮಗ್ರ ಅಭಿವೃದ್ಧಿಗೆ ಶ್ರಮಿಸಲಾಗುವುದು.
ನಿರಂತರ ನೀರು ಪೂರೈಕೆ: ಮೈಸೂರು ನಗರದ ಎಲ್ಲಾ ವಾರ್ಡ್‌ಗಳಿಗೆ ನಿರಂತರ ಕುಡಿಯುವ ನೀರು ಪೂರೈಕೆ ಯೋಜನೆ ಜಾರಿಗೆ ತರಲಾಗುವುದು.
ಕರವಸೂಲಾತಿ ಅಭಿಯಾನ: ಪಾಲಿಕೆಯ ಆದಾಯ ಹೆಚ್ಚಿಸಲು ತೆರಿಗೆ ವಸೂಲಾತಿ ಅಭಿಯಾನ ಕೈಗೊಳ್ಳಲಾಗುವುದು ಎಂದು ಆಯುಕ್ತರು ತಿಳಿಸಿದರು.
ವಲಯ 7ರ ಕಚೇರಿ ವ್ಯಾಪ್ತಿಯಲ್ಲಿ ಬರುವ ವಾರ್ಡ್‌ಗಳಲ್ಲಿ ಕಸ ವಿಲೇವಾರಿ ಸಮರ್ಪಕವಾಗಿ ಆಗುತ್ತಿಲ್ಲ ಎಂದು ಸಾರ್ವಜನಿಕರು ದೂರಿದರು. ಕೂಡಲೇ ಕ್ರಮ ಕೈಗೊಳ್ಳುವಂತೆ ಅಧಿಕಾರಿಗಳಿಗೆ ಸೂಚಿಸಲಾಯಿತು.
S.D.J ಗೋಲ್ಡ್ ಕಂಪನಿ
ಹಳೆಯ ಚಿನ್ನ, ಬೆಳ್ಳಿ ಒಡವೆಗಳನ್ನು ಉತ್ತಮ ಬೆಲೆಗೆ ಖರೀದಿಸಲಾಗುವುದು. ಬ್ಯಾಂಕ್‌ನಲ್ಲಿ ಗಿರವಿ ಇಟ್ಟಿರುವ ಒಡವೆಗಳನ್ನು ಬಿಡಿಸಿ ನಗದು ನೀಡಲಾಗುವುದು.
9482917666
ಪಟ್ಟಣ ಪಂಚಾಯಿತಿ ಕಾರ್ಯಾಲಯ, ಅರಕಲಗೂಡು
(ಹಾಸನ ಜಿಲ್ಲೆ)
ದೂರವಾಣಿ: 08175-220150
Email: townpanchayath.arkalagud62@gmail.com
ತಿದ್ದುಪಡಿ ಟೆಂಡರ್ ಕಂ ಬಹಿರಂಗ ಹರಾಜು ಪ್ರಕಟಣೆ
ಅರಕಲಗೂಡು ಪಟ್ಟಣ ಪಂಚಾಯಿತಿ ವ್ಯಾಪ್ತಿಯಲ್ಲಿ ಬರುವ ವಾಣಿಜ್ಯ ಮಳಿಗೆಗಳನ್ನು ಬಹಿರಂಗ ಹರಾಜು ಮೂಲಕ ಗುತ್ತಿಗೆ ನೀಡಲು ಟೆಂಡರ್ ಆಹ್ವಾನಿಸಲಾಗಿದೆ. ದಿನಾಂಕ: 10.12.2018 ರಿಂದ 20.12.2018 ರವರೆಗೆ ಟೆಂಡರ್ ನಮೂನೆಗಳನ್ನು ಪಡೆಯಬಹುದು.
ಸಹಿ/- ಮುಖ್ಯಾಧಿಕಾರಿ, ಪಟ್ಟಣ ಪಂಚಾಯಿತಿ ಅರಕಲಗೂಡು
